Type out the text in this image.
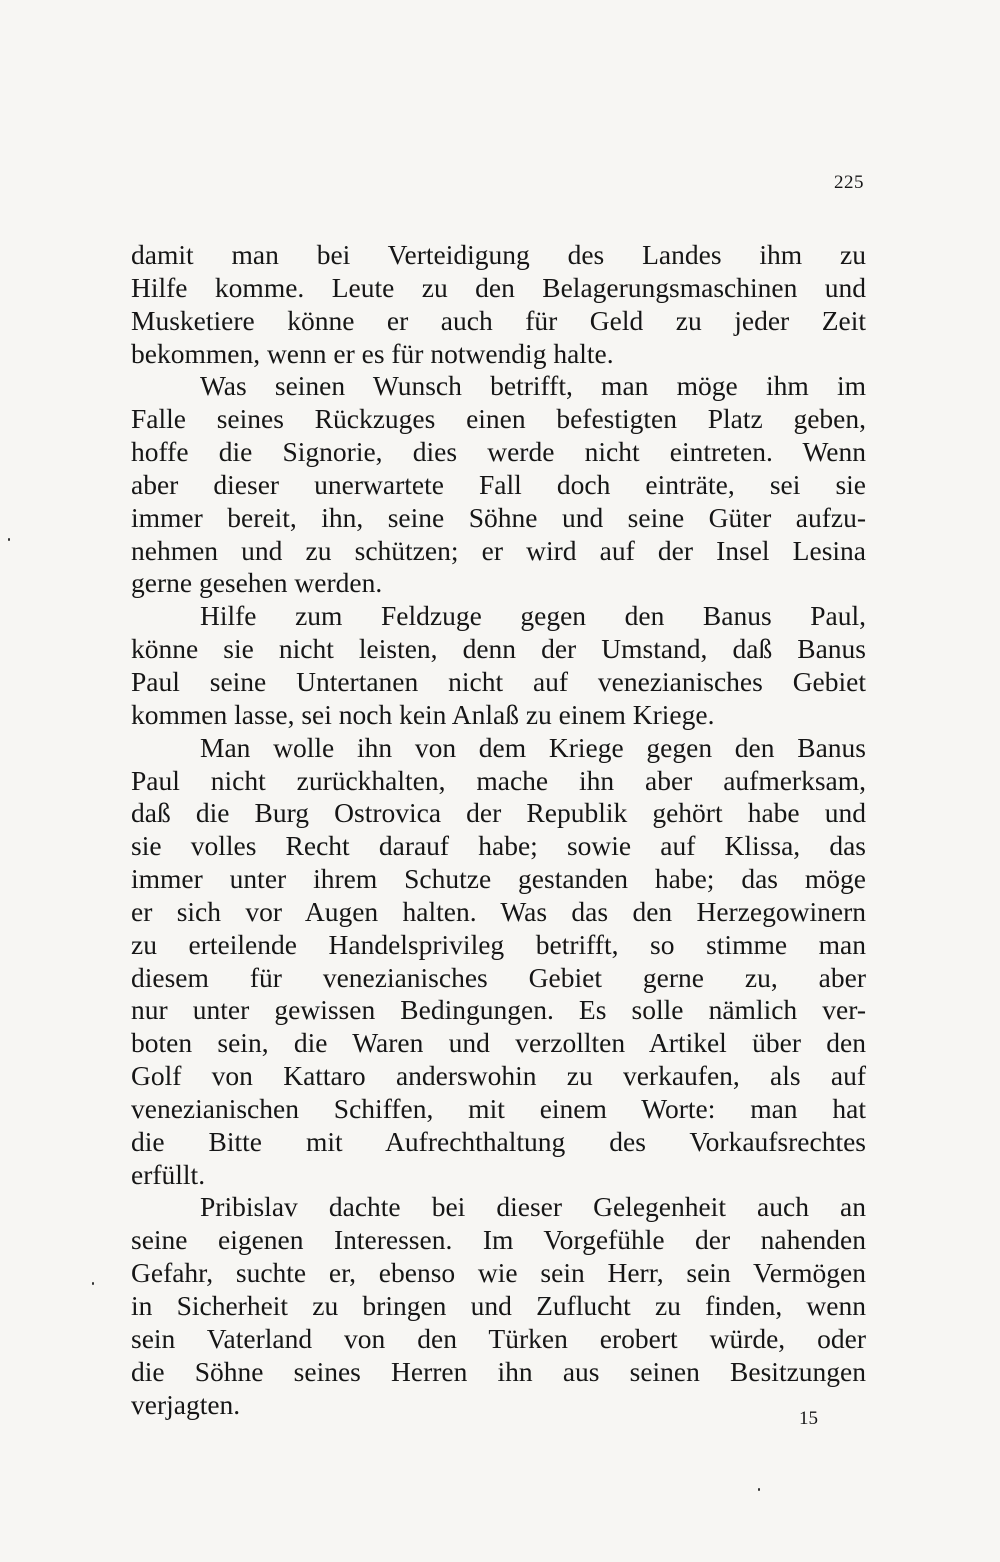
225
damit man bei Verteidigung des Landes ihm zu
Hilfe komme. Leute zu den Belagerungsmaschinen und
Musketiere könne er auch für Geld zu jeder Zeit
bekommen, wenn er es für notwendig halte.
Was seinen Wunsch betrifft, man möge ihm im
Falle seines Rückzuges einen befestigten Platz geben,
hoffe die Signorie, dies werde nicht eintreten. Wenn
aber dieser unerwartete Fall doch einträte, sei sie
immer bereit, ihn, seine Söhne und seine Güter aufzu-
nehmen und zu schützen; er wird auf der Insel Lesina
gerne gesehen werden.
Hilfe zum Feldzuge gegen den Banus Paul,
könne sie nicht leisten, denn der Umstand, daß Banus
Paul seine Untertanen nicht auf venezianisches Gebiet
kommen lasse, sei noch kein Anlaß zu einem Kriege.
Man wolle ihn von dem Kriege gegen den Banus
Paul nicht zurückhalten, mache ihn aber aufmerksam,
daß die Burg Ostrovica der Republik gehört habe und
sie volles Recht darauf habe; sowie auf Klissa, das
immer unter ihrem Schutze gestanden habe; das möge
er sich vor Augen halten. Was das den Herzegowinern
zu erteilende Handelsprivileg betrifft, so stimme man
diesem für venezianisches Gebiet gerne zu, aber
nur unter gewissen Bedingungen. Es solle nämlich ver-
boten sein, die Waren und verzollten Artikel über den
Golf von Kattaro anderswohin zu verkaufen, als auf
venezianischen Schiffen, mit einem Worte: man hat
die Bitte mit Aufrechthaltung des Vorkaufsrechtes
erfüllt.
Pribislav dachte bei dieser Gelegenheit auch an
seine eigenen Interessen. Im Vorgefühle der nahenden
Gefahr, suchte er, ebenso wie sein Herr, sein Vermögen
in Sicherheit zu bringen und Zuflucht zu finden, wenn
sein Vaterland von den Türken erobert würde, oder
die Söhne seines Herren ihn aus seinen Besitzungen
verjagten.	15
